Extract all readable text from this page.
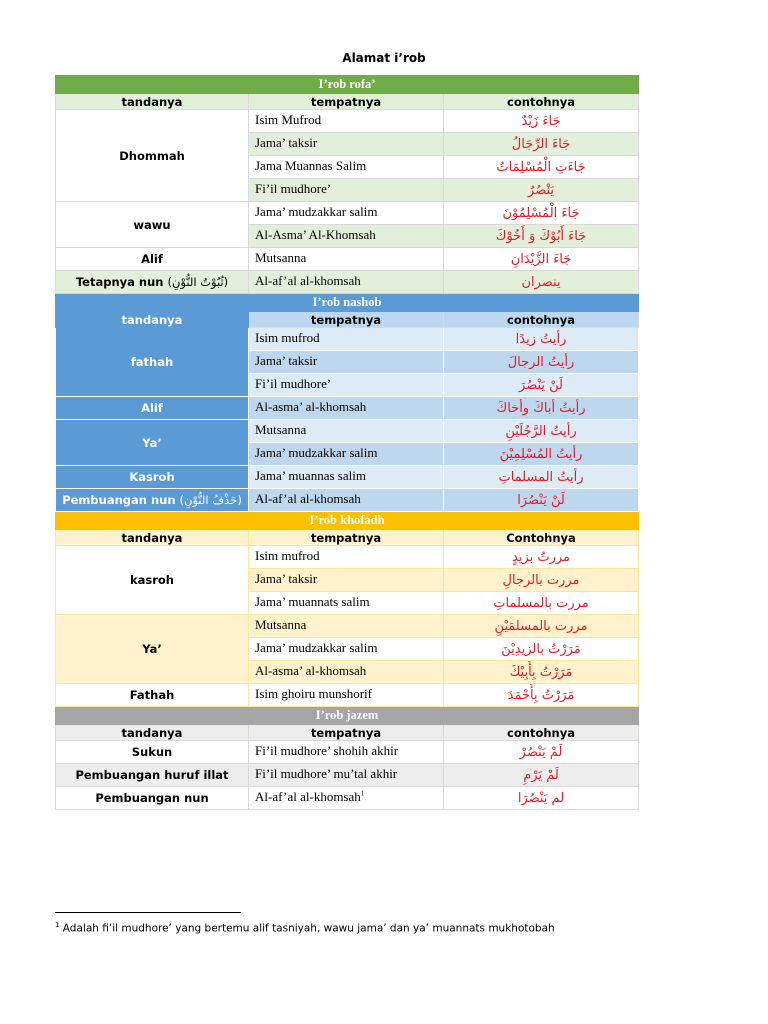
Alamat i’rob
I’rob rofa’		
tandanya	tempatnya	contohnya
Dhommah	Isim Mufrod	جَاءَ زَيْدٌ
	Jama’ taksir	جَاءَ الرِّجَالُ
	Jama Muannas Salim	جَاءَتِ الْمُسْلِمَاتُ
	Fi’il mudhore’	يَنْصُرُ
wawu	Jama’ mudzakkar salim	جَاءَ الْمُسْلِمُوْنَ
	Al-Asma’ Al-Khomsah	جَاءَ أَبُوْكَ وَ أَخُوْكَ
Alif	Mutsanna	جَاءَ الزَّيْدَانِ
Tetapnya nun (ثُبُوْتُ النُّوْنِ)	Al-af’al al-khomsah	ينصران
I’rob nashob		
tandanya	tempatnya	contohnya
fathah	Isim mufrod	رأيتُ زيدًا
	Jama’ taksir	رأيتُ الرجالَ
	Fi’il mudhore’	لَنْ يَنْصُرَ
Alif	Al-asma’ al-khomsah	رأيتُ أباكَ وأخاكَ
Ya’	Mutsanna	رأيتُ الرَّجُلَيْنِ
	Jama’ mudzakkar salim	رأيتُ المُسْلِمِيْنَ
Kasroh	Jama’ muannas salim	رأيتُ المسلماتِ
Pembuangan nun (حَذْفُ النُّوْنِ)	Al-af’al al-khomsah	لَنْ يَنْصُرَا
I’rob khofadh		
tandanya	tempatnya	Contohnya
kasroh	Isim mufrod	مررتُ بزيدٍ
	Jama’ taksir	مررت بالرجالِ
	Jama’ muannats salim	مررت بالمسلماتِ
Ya’	Mutsanna	مررت بالمسلمَيْنِ
	Jama’ mudzakkar salim	مَرَرْتُ بالزيدِيْنَ
	Al-asma’ al-khomsah	مَرَرْتُ بِأَبِيْكَ
Fathah	Isim ghoiru munshorif	مَرَرْتُ بِأَحْمَدَ
I’rob jazem		
tandanya	tempatnya	contohnya
Sukun	Fi’il mudhore’ shohih akhir	لَمْ يَنْصُرْ
Pembuangan huruf illat	Fi’il mudhore’ mu’tal akhir	لَمْ يَرْمِ
Pembuangan nun	Al-af’al al-khomsah$^1$	لم يَنْصُرَا
$^1$ Adalah fi’il mudhore’ yang bertemu alif tasniyah, wawu jama’ dan ya’ muannats mukhotobah
